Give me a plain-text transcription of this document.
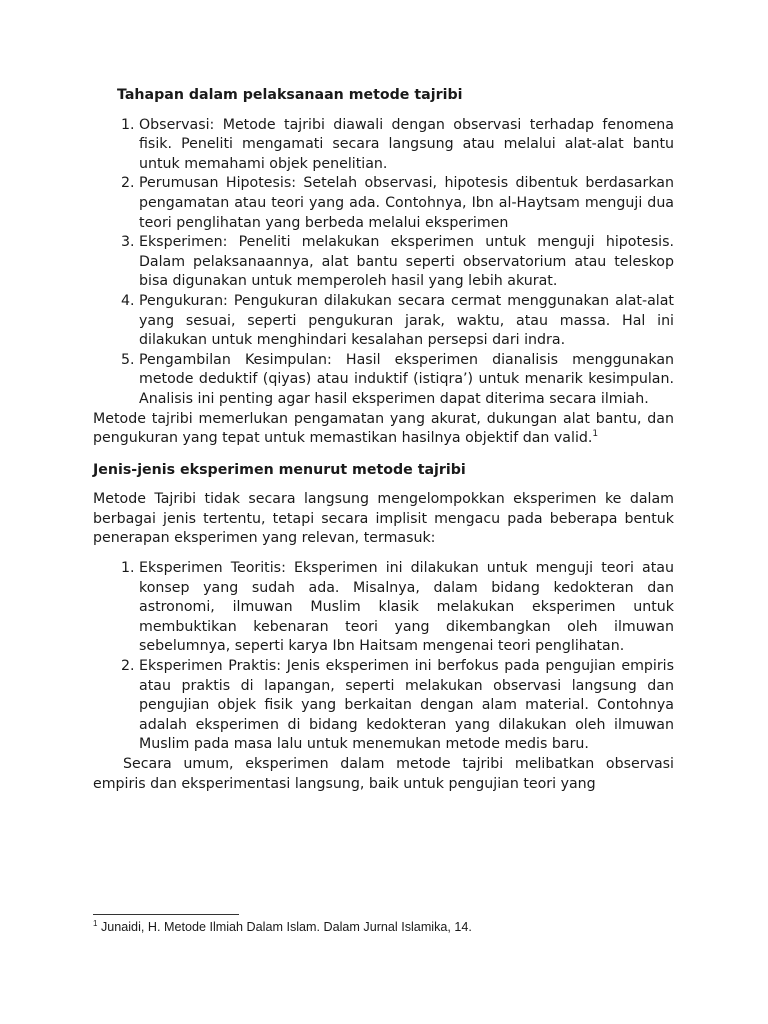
Tahapan dalam pelaksanaan metode tajribi

1. Observasi: Metode tajribi diawali dengan observasi terhadap fenomena fisik. Peneliti mengamati secara langsung atau melalui alat-alat bantu untuk memahami objek penelitian.
2. Perumusan Hipotesis: Setelah observasi, hipotesis dibentuk berdasarkan pengamatan atau teori yang ada. Contohnya, Ibn al-Haytsam menguji dua teori penglihatan yang berbeda melalui eksperimen
3. Eksperimen: Peneliti melakukan eksperimen untuk menguji hipotesis. Dalam pelaksanaannya, alat bantu seperti observatorium atau teleskop bisa digunakan untuk memperoleh hasil yang lebih akurat.
4. Pengukuran: Pengukuran dilakukan secara cermat menggunakan alat-alat yang sesuai, seperti pengukuran jarak, waktu, atau massa. Hal ini dilakukan untuk menghindari kesalahan persepsi dari indra.
5. Pengambilan Kesimpulan: Hasil eksperimen dianalisis menggunakan metode deduktif (qiyas) atau induktif (istiqra’) untuk menarik kesimpulan. Analisis ini penting agar hasil eksperimen dapat diterima secara ilmiah.

Metode tajribi memerlukan pengamatan yang akurat, dukungan alat bantu, dan pengukuran yang tepat untuk memastikan hasilnya objektif dan valid.$^1$

Jenis-jenis eksperimen menurut metode tajribi

Metode Tajribi tidak secara langsung mengelompokkan eksperimen ke dalam berbagai jenis tertentu, tetapi secara implisit mengacu pada beberapa bentuk penerapan eksperimen yang relevan, termasuk:

1. Eksperimen Teoritis: Eksperimen ini dilakukan untuk menguji teori atau konsep yang sudah ada. Misalnya, dalam bidang kedokteran dan astronomi, ilmuwan Muslim klasik melakukan eksperimen untuk membuktikan kebenaran teori yang dikembangkan oleh ilmuwan sebelumnya, seperti karya Ibn Haitsam mengenai teori penglihatan.
2. Eksperimen Praktis: Jenis eksperimen ini berfokus pada pengujian empiris atau praktis di lapangan, seperti melakukan observasi langsung dan pengujian objek fisik yang berkaitan dengan alam material. Contohnya adalah eksperimen di bidang kedokteran yang dilakukan oleh ilmuwan Muslim pada masa lalu untuk menemukan metode medis baru.

Secara umum, eksperimen dalam metode tajribi melibatkan observasi empiris dan eksperimentasi langsung, baik untuk pengujian teori yang

$^1$ Junaidi, H. Metode Ilmiah Dalam Islam. Dalam Jurnal Islamika, 14.
